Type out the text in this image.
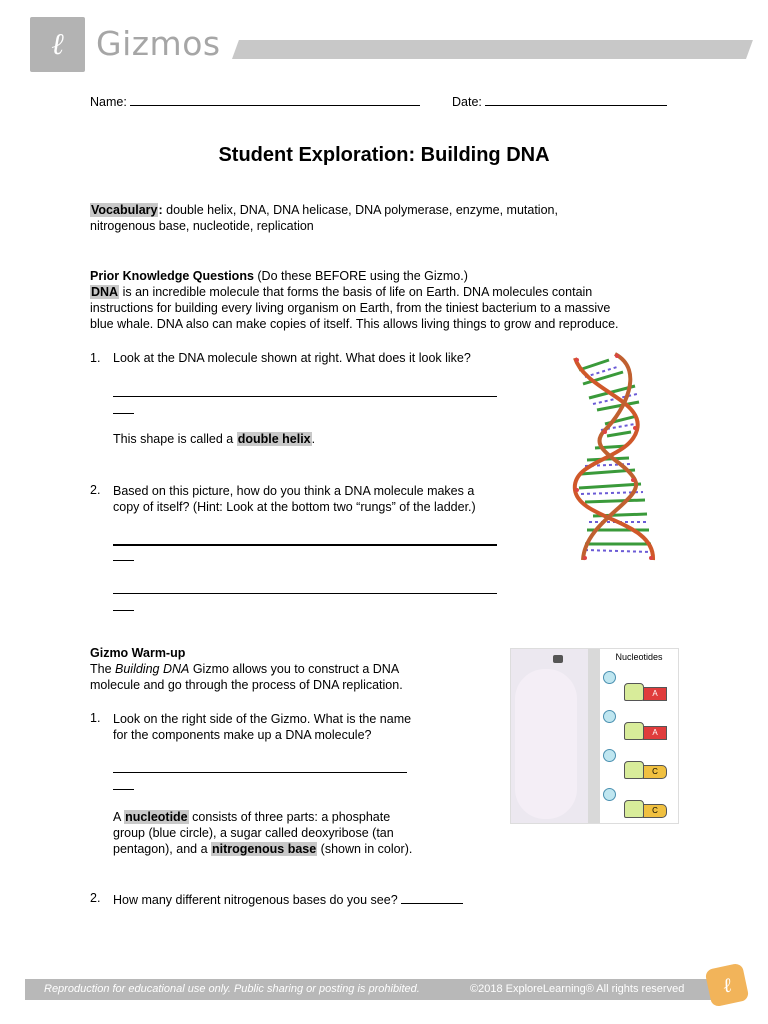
ℓ Gizmos
Name:	Date:
Student Exploration: Building DNA
Vocabulary: double helix, DNA, DNA helicase, DNA polymerase, enzyme, mutation,
nitrogenous base, nucleotide, replication
Prior Knowledge Questions (Do these BEFORE using the Gizmo.)
DNA is an incredible molecule that forms the basis of life on Earth. DNA molecules contain
instructions for building every living organism on Earth, from the tiniest bacterium to a massive
blue whale. DNA also can make copies of itself. This allows living things to grow and reproduce.
1.	Look at the DNA molecule shown at right. What does it look like?
This shape is called a double helix.
2.	Based on this picture, how do you think a DNA molecule makes a
copy of itself? (Hint: Look at the bottom two “rungs” of the ladder.)
Gizmo Warm-up
The Building DNA Gizmo allows you to construct a DNA
molecule and go through the process of DNA replication.
1.	Look on the right side of the Gizmo. What is the name
for the components make up a DNA molecule?
A nucleotide consists of three parts: a phosphate
group (blue circle), a sugar called deoxyribose (tan
pentagon), and a nitrogenous base (shown in color).
2.	How many different nitrogenous bases do you see?
Nucleotides
A
A
C
C
Reproduction for educational use only. Public sharing or posting is prohibited.	©2018 ExploreLearning® All rights reserved	ℓ
